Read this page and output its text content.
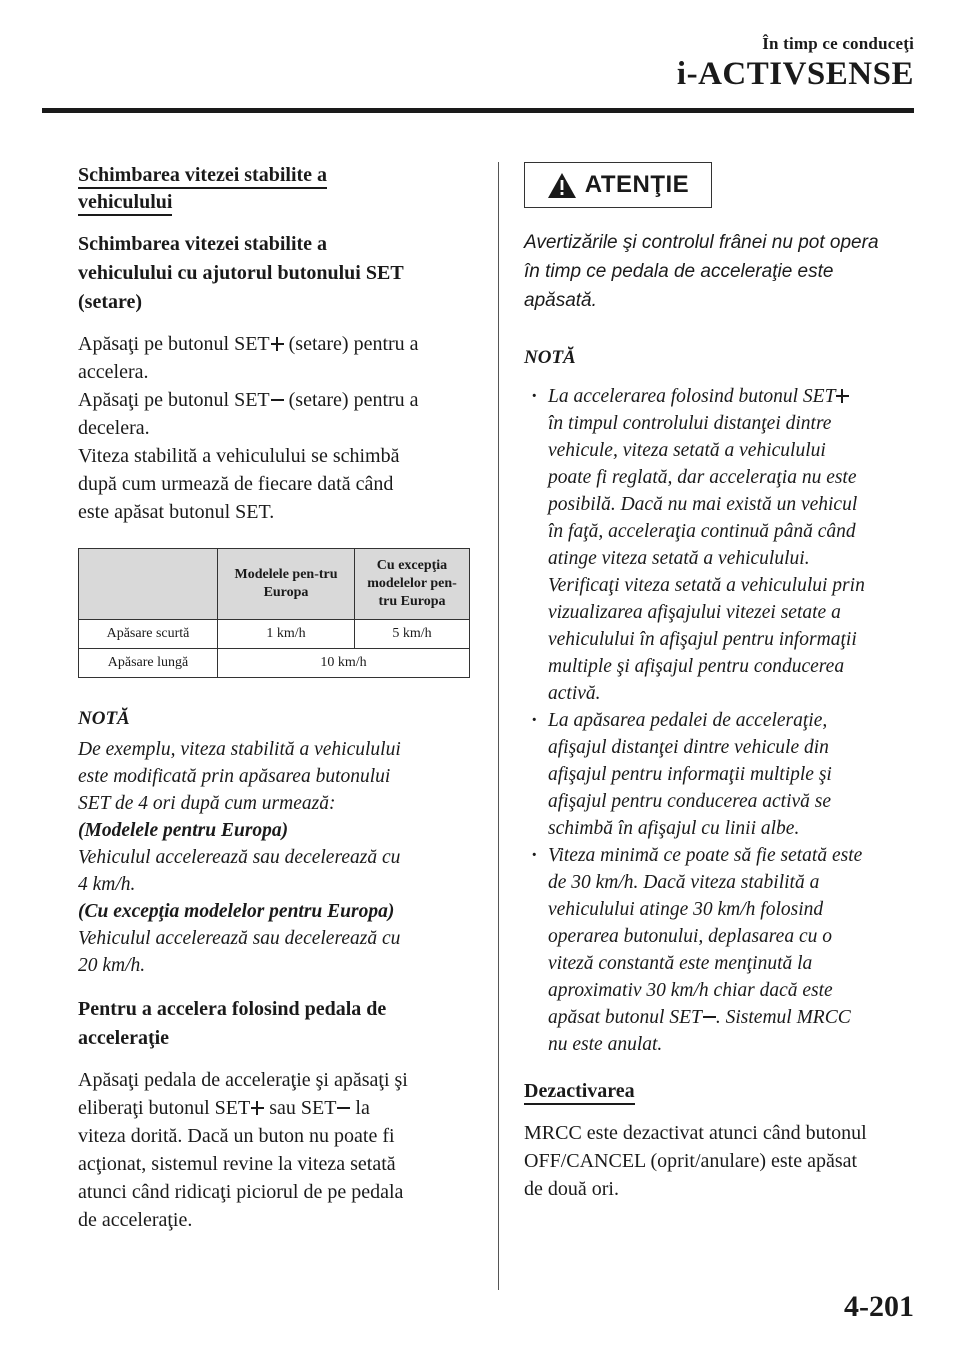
În timp ce conduceţi
i-ACTIVSENSE
Schimbarea vitezei stabilite a
vehiculului
Schimbarea vitezei stabilite a
vehiculului cu ajutorul butonului SET
(setare)
Apăsaţi pe butonul SET (setare) pentru a
accelera.
Apăsaţi pe butonul SET (setare) pentru a
decelera.
Viteza stabilită a vehiculului se schimbă
după cum urmează de fiecare dată când
este apăsat butonul SET.
	Modelele pen-tru Europa	Cu excepţia modelelor pen-tru Europa
Apăsare scurtă	1 km/h	5 km/h
Apăsare lungă	10 km/h	
NOTĂ
De exemplu, viteza stabilită a vehiculului
este modificată prin apăsarea butonului
SET de 4 ori după cum urmează:
(Modelele pentru Europa)
Vehiculul accelerează sau decelerează cu
4 km/h.
(Cu excepţia modelelor pentru Europa)
Vehiculul accelerează sau decelerează cu
20 km/h.
Pentru a accelera folosind pedala de
acceleraţie
Apăsaţi pedala de acceleraţie şi apăsaţi şi
eliberaţi butonul SET sau SET la
viteza dorită. Dacă un buton nu poate fi
acţionat, sistemul revine la viteza setată
atunci când ridicaţi piciorul de pe pedala
de acceleraţie.
ATENŢIE
Avertizările şi controlul frânei nu pot opera
în timp ce pedala de acceleraţie este
apăsată.
NOTĂ
· La accelerarea folosind butonul SET
în timpul controlului distanţei dintre
vehicule, viteza setată a vehiculului
poate fi reglată, dar acceleraţia nu este
posibilă. Dacă nu mai există un vehicul
în faţă, acceleraţia continuă până când
atinge viteza setată a vehiculului.
Verificaţi viteza setată a vehiculului prin
vizualizarea afişajului vitezei setate a
vehiculului în afişajul pentru informaţii
multiple şi afişajul pentru conducerea
activă.
· La apăsarea pedalei de acceleraţie,
afişajul distanţei dintre vehicule din
afişajul pentru informaţii multiple şi
afişajul pentru conducerea activă se
schimbă în afişajul cu linii albe.
· Viteza minimă ce poate să fie setată este
de 30 km/h. Dacă viteza stabilită a
vehiculului atinge 30 km/h folosind
operarea butonului, deplasarea cu o
viteză constantă este menţinută la
aproximativ 30 km/h chiar dacă este
apăsat butonul SET . Sistemul MRCC
nu este anulat.
Dezactivarea
MRCC este dezactivat atunci când butonul
OFF/CANCEL (oprit/anulare) este apăsat
de două ori.
4-201
